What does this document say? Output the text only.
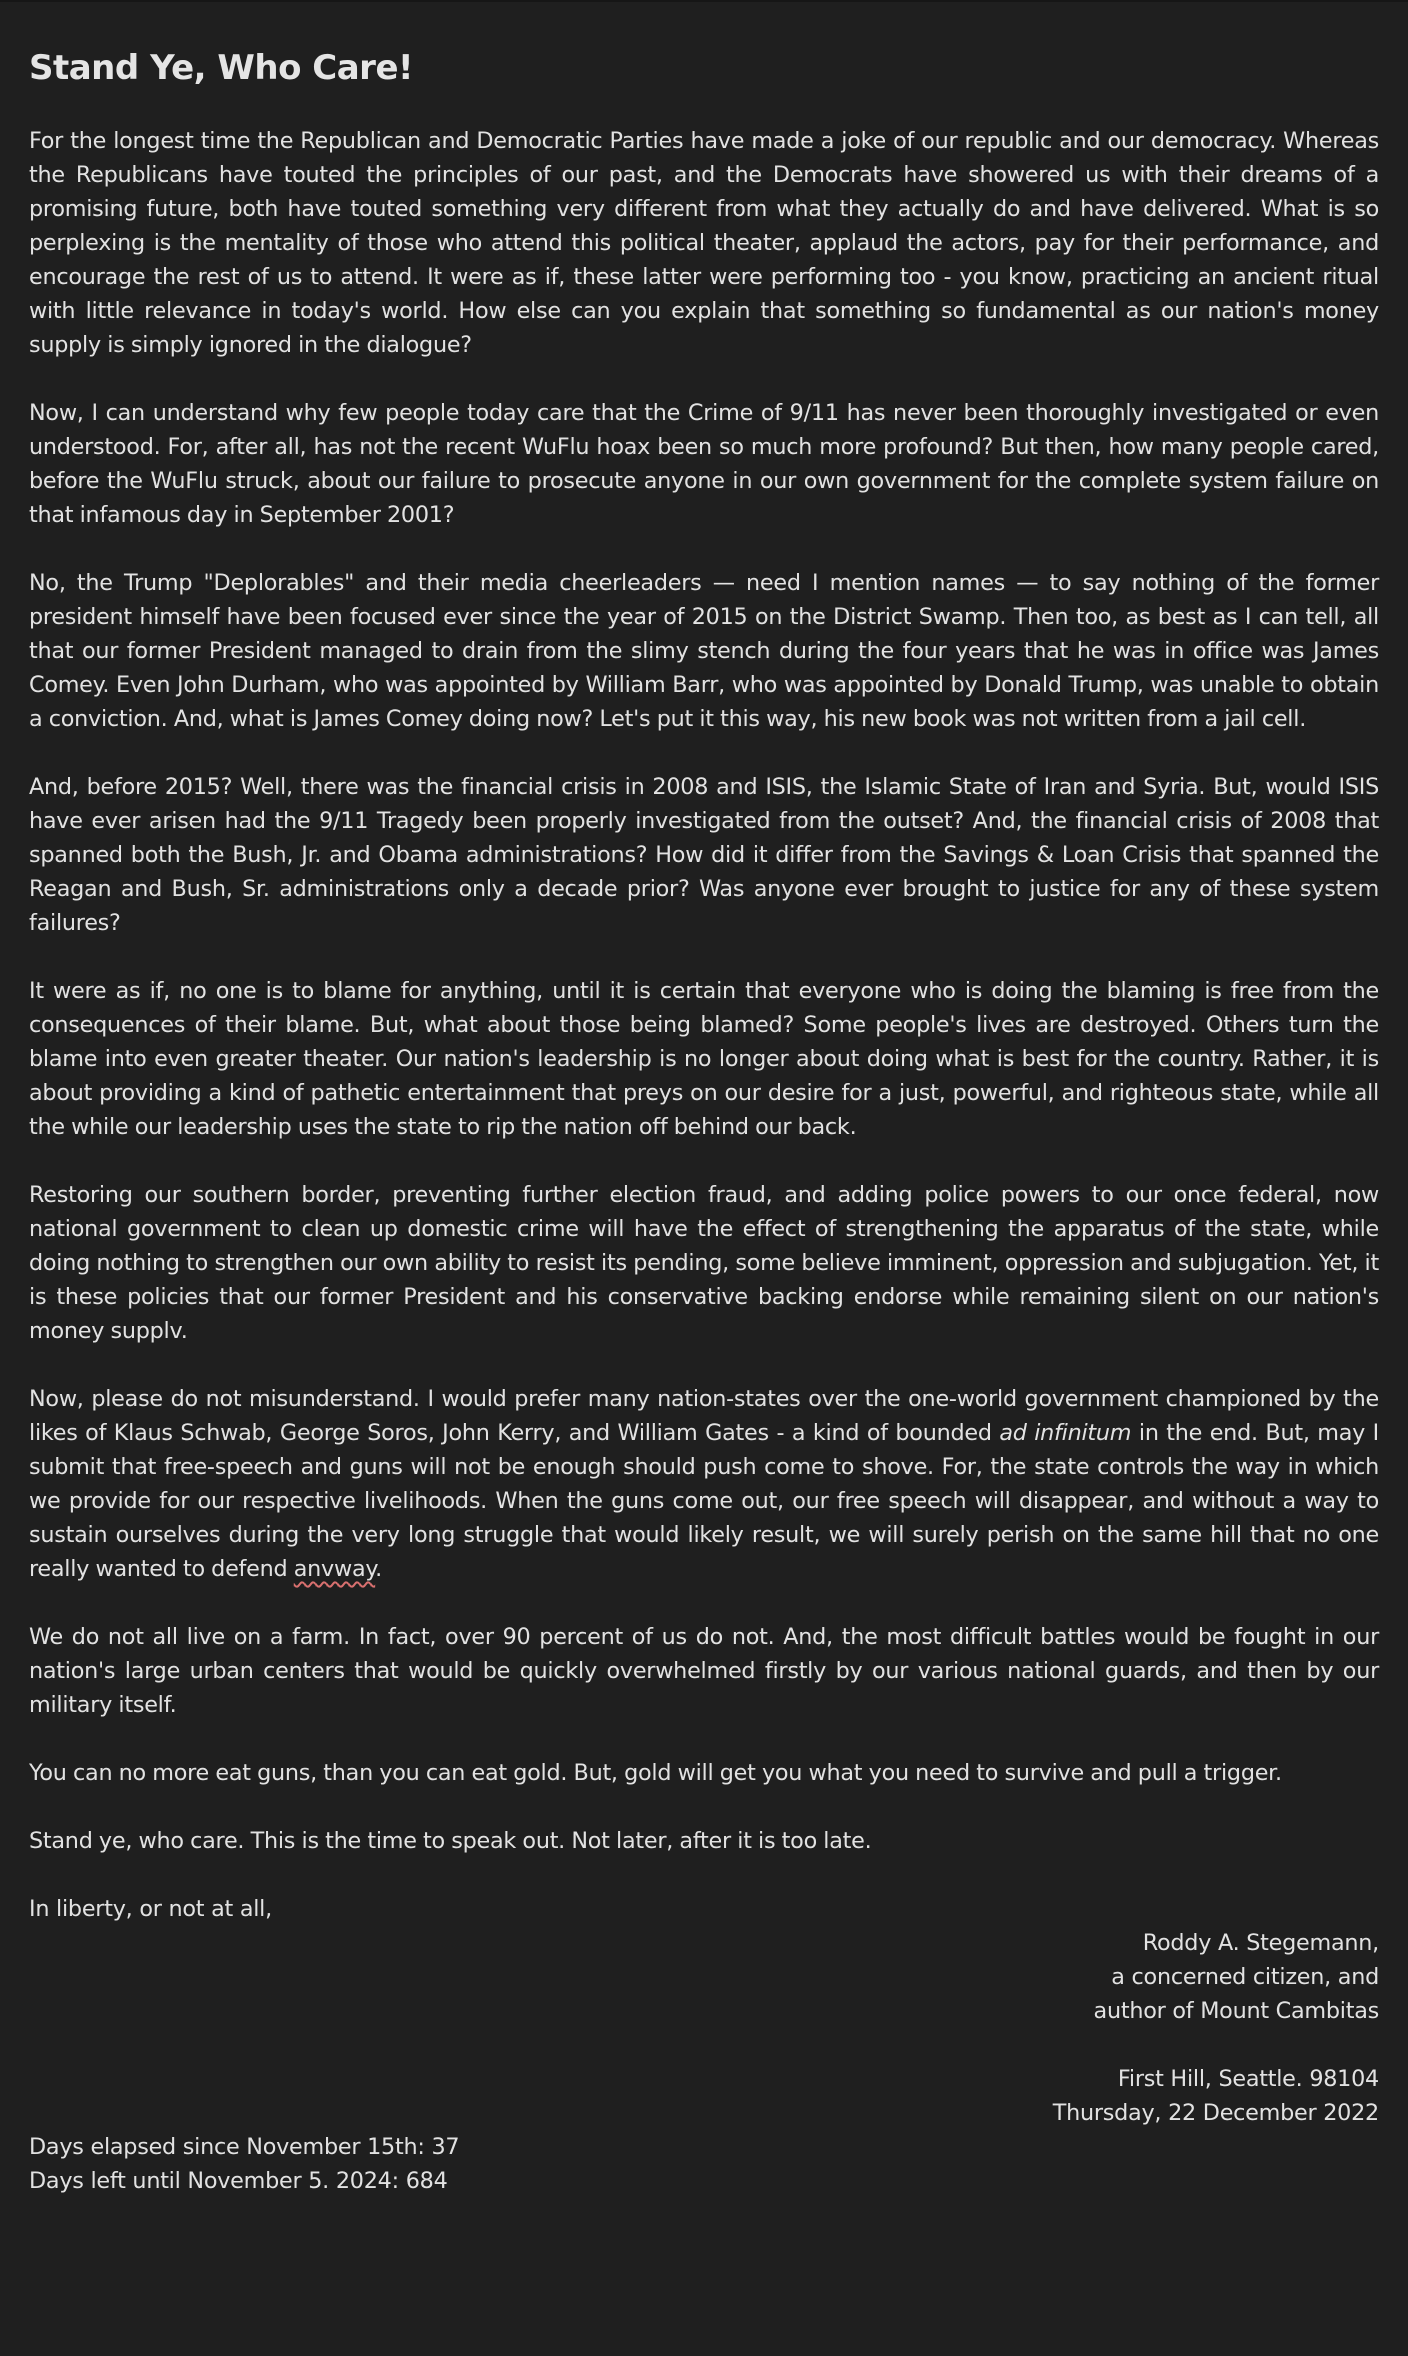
Stand Ye, Who Care!

For the longest time the Republican and Democratic Parties have made a joke of our republic and our democracy. Whereas the Republicans have touted the principles of our past, and the Democrats have showered us with their dreams of a promising future, both have touted something very different from what they actually do and have delivered. What is so perplexing is the mentality of those who attend this political theater, applaud the actors, pay for their performance, and encourage the rest of us to attend. It were as if, these latter were performing too - you know, practicing an ancient ritual with little relevance in today's world. How else can you explain that something so fundamental as our nation's money supply is simply ignored in the dialogue?

Now, I can understand why few people today care that the Crime of 9/11 has never been thoroughly investigated or even understood. For, after all, has not the recent WuFlu hoax been so much more profound? But then, how many people cared, before the WuFlu struck, about our failure to prosecute anyone in our own government for the complete system failure on that infamous day in September 2001?

No, the Trump "Deplorables" and their media cheerleaders — need I mention names — to say nothing of the former president himself have been focused ever since the year of 2015 on the District Swamp. Then too, as best as I can tell, all that our former President managed to drain from the slimy stench during the four years that he was in office was James Comey. Even John Durham, who was appointed by William Barr, who was appointed by Donald Trump, was unable to obtain a conviction. And, what is James Comey doing now? Let's put it this way, his new book was not written from a jail cell.

And, before 2015? Well, there was the financial crisis in 2008 and ISIS, the Islamic State of Iran and Syria. But, would ISIS have ever arisen had the 9/11 Tragedy been properly investigated from the outset? And, the financial crisis of 2008 that spanned both the Bush, Jr. and Obama administrations? How did it differ from the Savings & Loan Crisis that spanned the Reagan and Bush, Sr. administrations only a decade prior? Was anyone ever brought to justice for any of these system failures?

It were as if, no one is to blame for anything, until it is certain that everyone who is doing the blaming is free from the consequences of their blame. But, what about those being blamed? Some people's lives are destroyed. Others turn the blame into even greater theater. Our nation's leadership is no longer about doing what is best for the country. Rather, it is about providing a kind of pathetic entertainment that preys on our desire for a just, powerful, and righteous state, while all the while our leadership uses the state to rip the nation off behind our back.

Restoring our southern border, preventing further election fraud, and adding police powers to our once federal, now national government to clean up domestic crime will have the effect of strengthening the apparatus of the state, while doing nothing to strengthen our own ability to resist its pending, some believe imminent, oppression and subjugation. Yet, it is these policies that our former President and his conservative backing endorse while remaining silent on our nation's money supplv.

Now, please do not misunderstand. I would prefer many nation-states over the one-world government championed by the likes of Klaus Schwab, George Soros, John Kerry, and William Gates - a kind of bounded ad infinitum in the end. But, may I submit that free-speech and guns will not be enough should push come to shove. For, the state controls the way in which we provide for our respective livelihoods. When the guns come out, our free speech will disappear, and without a way to sustain ourselves during the very long struggle that would likely result, we will surely perish on the same hill that no one really wanted to defend anvway.

We do not all live on a farm. In fact, over 90 percent of us do not. And, the most difficult battles would be fought in our nation's large urban centers that would be quickly overwhelmed firstly by our various national guards, and then by our military itself.

You can no more eat guns, than you can eat gold. But, gold will get you what you need to survive and pull a trigger.

Stand ye, who care. This is the time to speak out. Not later, after it is too late.

In liberty, or not at all,
Roddy A. Stegemann,
a concerned citizen, and
author of Mount Cambitas
First Hill, Seattle. 98104
Thursday, 22 December 2022
Days elapsed since November 15th: 37
Days left until November 5. 2024: 684
